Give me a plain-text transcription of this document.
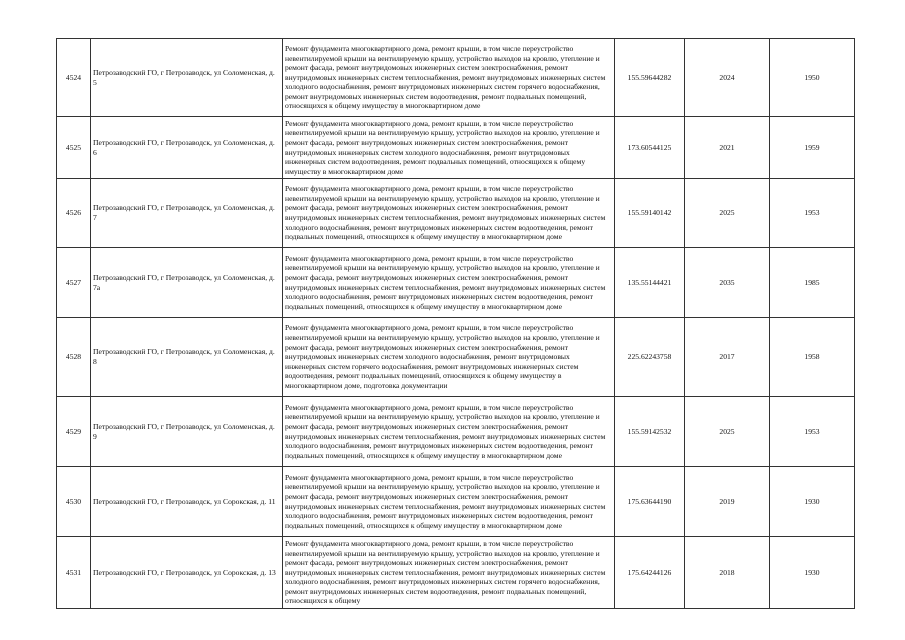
4524	Петрозаводский ГО, г Петрозаводск, ул Соломенская, д. 5	Ремонт фундамента многоквартирного дома, ремонт крыши, в том числе переустройство невентилируемой крыши на вентилируемую крышу, устройство выходов на кровлю, утепление и ремонт фасада, ремонт внутридомовых инженерных систем электроснабжения, ремонт внутридомовых инженерных систем теплоснабжения, ремонт внутридомовых инженерных систем холодного водоснабжения, ремонт внутридомовых инженерных систем горячего водоснабжения, ремонт внутридомовых инженерных систем водоотведения, ремонт подвальных помещений, относящихся к общему имуществу в многоквартирном доме	155.59644282	2024	1950
4525	Петрозаводский ГО, г Петрозаводск, ул Соломенская, д. 6	Ремонт фундамента многоквартирного дома, ремонт крыши, в том числе переустройство невентилируемой крыши на вентилируемую крышу, устройство выходов на кровлю, утепление и ремонт фасада, ремонт внутридомовых инженерных систем электроснабжения, ремонт внутридомовых инженерных систем холодного водоснабжения, ремонт внутридомовых инженерных систем водоотведения, ремонт подвальных помещений, относящихся к общему имуществу в многоквартирном доме	173.60544125	2021	1959
4526	Петрозаводский ГО, г Петрозаводск, ул Соломенская, д. 7	Ремонт фундамента многоквартирного дома, ремонт крыши, в том числе переустройство невентилируемой крыши на вентилируемую крышу, устройство выходов на кровлю, утепление и ремонт фасада, ремонт внутридомовых инженерных систем электроснабжения, ремонт внутридомовых инженерных систем теплоснабжения, ремонт внутридомовых инженерных систем холодного водоснабжения, ремонт внутридомовых инженерных систем водоотведения, ремонт подвальных помещений, относящихся к общему имуществу в многоквартирном доме	155.59140142	2025	1953
4527	Петрозаводский ГО, г Петрозаводск, ул Соломенская, д. 7а	Ремонт фундамента многоквартирного дома, ремонт крыши, в том числе переустройство невентилируемой крыши на вентилируемую крышу, устройство выходов на кровлю, утепление и ремонт фасада, ремонт внутридомовых инженерных систем электроснабжения, ремонт внутридомовых инженерных систем теплоснабжения, ремонт внутридомовых инженерных систем холодного водоснабжения, ремонт внутридомовых инженерных систем водоотведения, ремонт подвальных помещений, относящихся к общему имуществу в многоквартирном доме	135.55144421	2035	1985
4528	Петрозаводский ГО, г Петрозаводск, ул Соломенская, д. 8	Ремонт фундамента многоквартирного дома, ремонт крыши, в том числе переустройство невентилируемой крыши на вентилируемую крышу, устройство выходов на кровлю, утепление и ремонт фасада, ремонт внутридомовых инженерных систем электроснабжения, ремонт внутридомовых инженерных систем холодного водоснабжения, ремонт внутридомовых инженерных систем горячего водоснабжения, ремонт внутридомовых инженерных систем водоотведения, ремонт подвальных помещений, относящихся к общему имуществу в многоквартирном доме, подготовка документации	225.62243758	2017	1958
4529	Петрозаводский ГО, г Петрозаводск, ул Соломенская, д. 9	Ремонт фундамента многоквартирного дома, ремонт крыши, в том числе переустройство невентилируемой крыши на вентилируемую крышу, устройство выходов на кровлю, утепление и ремонт фасада, ремонт внутридомовых инженерных систем электроснабжения, ремонт внутридомовых инженерных систем теплоснабжения, ремонт внутридомовых инженерных систем холодного водоснабжения, ремонт внутридомовых инженерных систем водоотведения, ремонт подвальных помещений, относящихся к общему имуществу в многоквартирном доме	155.59142532	2025	1953
4530	Петрозаводский ГО, г Петрозаводск, ул Сорокская, д. 11	Ремонт фундамента многоквартирного дома, ремонт крыши, в том числе переустройство невентилируемой крыши на вентилируемую крышу, устройство выходов на кровлю, утепление и ремонт фасада, ремонт внутридомовых инженерных систем электроснабжения, ремонт внутридомовых инженерных систем теплоснабжения, ремонт внутридомовых инженерных систем холодного водоснабжения, ремонт внутридомовых инженерных систем водоотведения, ремонт подвальных помещений, относящихся к общему имуществу в многоквартирном доме	175.63644190	2019	1930
4531	Петрозаводский ГО, г Петрозаводск, ул Сорокская, д. 13	Ремонт фундамента многоквартирного дома, ремонт крыши, в том числе переустройство невентилируемой крыши на вентилируемую крышу, устройство выходов на кровлю, утепление и ремонт фасада, ремонт внутридомовых инженерных систем электроснабжения, ремонт внутридомовых инженерных систем теплоснабжения, ремонт внутридомовых инженерных систем холодного водоснабжения, ремонт внутридомовых инженерных систем горячего водоснабжения, ремонт внутридомовых инженерных систем водоотведения, ремонт подвальных помещений, относящихся к общему	175.64244126	2018	1930
